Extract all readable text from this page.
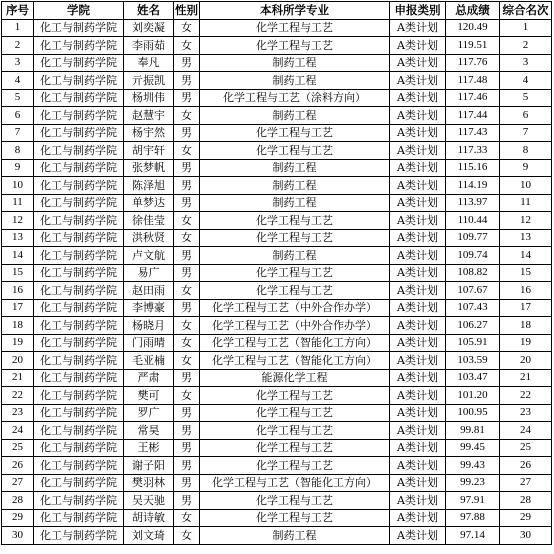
序号	学院	姓名	性别	本科所学专业	申报类别	总成绩	综合名次
1	化工与制药学院	刘奕凝	女	化学工程与工艺	A类计划	120.49	1
2	化工与制药学院	李雨茹	女	化学工程与工艺	A类计划	119.51	2
3	化工与制药学院	奉凡	男	制药工程	A类计划	117.76	3
4	化工与制药学院	亓振凯	男	制药工程	A类计划	117.48	4
5	化工与制药学院	杨圳伟	男	化学工程与工艺（涂料方向）	A类计划	117.46	5
6	化工与制药学院	赵慧宇	女	制药工程	A类计划	117.44	6
7	化工与制药学院	杨宇然	男	化学工程与工艺	A类计划	117.43	7
8	化工与制药学院	胡宇轩	女	化学工程与工艺	A类计划	117.33	8
9	化工与制药学院	张梦帆	男	制药工程	A类计划	115.16	9
10	化工与制药学院	陈泽旭	男	制药工程	A类计划	114.19	10
11	化工与制药学院	单梦达	男	制药工程	A类计划	113.97	11
12	化工与制药学院	徐佳莹	女	化学工程与工艺	A类计划	110.44	12
13	化工与制药学院	洪秋贤	女	化学工程与工艺	A类计划	109.77	13
14	化工与制药学院	卢文航	男	制药工程	A类计划	109.74	14
15	化工与制药学院	易广	男	化学工程与工艺	A类计划	108.82	15
16	化工与制药学院	赵田雨	女	化学工程与工艺	A类计划	107.67	16
17	化工与制药学院	李博豪	男	化学工程与工艺（中外合作办学）	A类计划	107.43	17
18	化工与制药学院	杨晓月	女	化学工程与工艺（中外合作办学）	A类计划	106.27	18
19	化工与制药学院	门雨晴	女	化学工程与工艺（智能化工方向）	A类计划	105.91	19
20	化工与制药学院	毛亚楠	女	化学工程与工艺（智能化工方向）	A类计划	103.59	20
21	化工与制药学院	严肃	男	能源化学工程	A类计划	103.47	21
22	化工与制药学院	樊可	女	化学工程与工艺	A类计划	101.20	22
23	化工与制药学院	罗广	男	化学工程与工艺	A类计划	100.95	23
24	化工与制药学院	常昊	男	化学工程与工艺	A类计划	99.81	24
25	化工与制药学院	王彬	男	化学工程与工艺	A类计划	99.45	25
26	化工与制药学院	谢子阳	男	化学工程与工艺	A类计划	99.43	26
27	化工与制药学院	樊羽林	男	化学工程与工艺（智能化工方向）	A类计划	99.23	27
28	化工与制药学院	吴天驰	男	化学工程与工艺	A类计划	97.91	28
29	化工与制药学院	胡诗敏	女	化学工程与工艺	A类计划	97.88	29
30	化工与制药学院	刘文琦	女	制药工程	A类计划	97.14	30
